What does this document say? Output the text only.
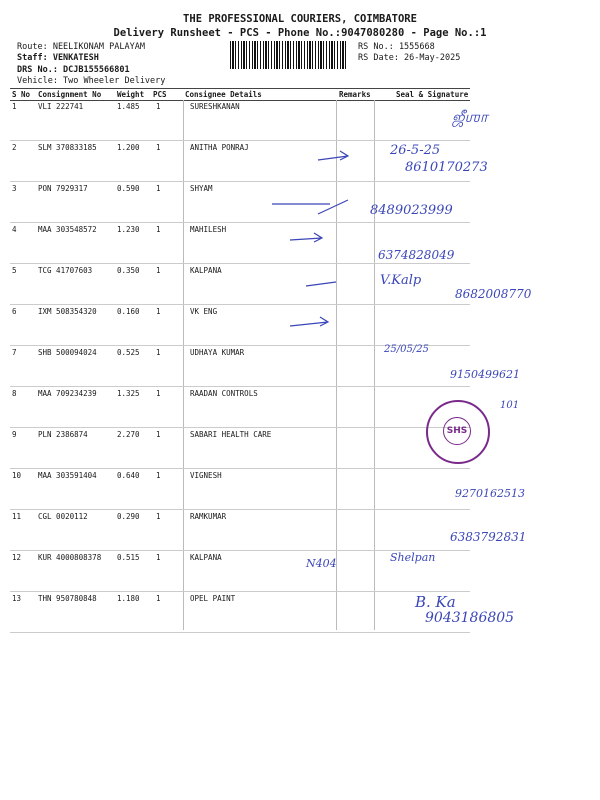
THE PROFESSIONAL COURIERS, COIMBATORE
Delivery Runsheet - PCS - Phone No.:9047080280 - Page No.:1
Route: NEELIKONAM PALAYAM
Staff: VENKATESH
DRS No.: DCJB155566801
Vehicle: Two Wheeler Delivery
RS No.: 1555668
RS Date: 26-May-2025
S No Consignment No Weight PCS Consignee Details	Remarks	Seal & Signature
1	VLI 222741	1.485 1	SURESHKANAN
2	SLM 370833185	1.200 1	ANITHA PONRAJ
3	PON 7929317	0.590 1	SHYAM
4	MAA 303548572	1.230 1	MAHILESH
5	TCG 41707603	0.350 1	KALPANA
6	IXM 508354320	0.160 1	VK ENG
7	SHB 500094024	0.525 1	UDHAYA KUMAR
8	MAA 709234239	1.325 1	RAADAN CONTROLS
9	PLN 2386874	2.270 1	SABARI HEALTH CARE
10 MAA 303591404	0.640 1	VIGNESH
11 CGL 0020112	0.290 1	RAMKUMAR
12 KUR 4000808378 0.515 1	KALPANA
13 THN 950780848	1.180 1	OPEL PAINT
ஜீஶா
26-5-25
8610170273
8489023999
6374828049
V.Kalp
8682008770
25/05/25
9150499621
101
9270162513
6383792831
N404	Shelpan
B. Ka
9043186805
SHS
